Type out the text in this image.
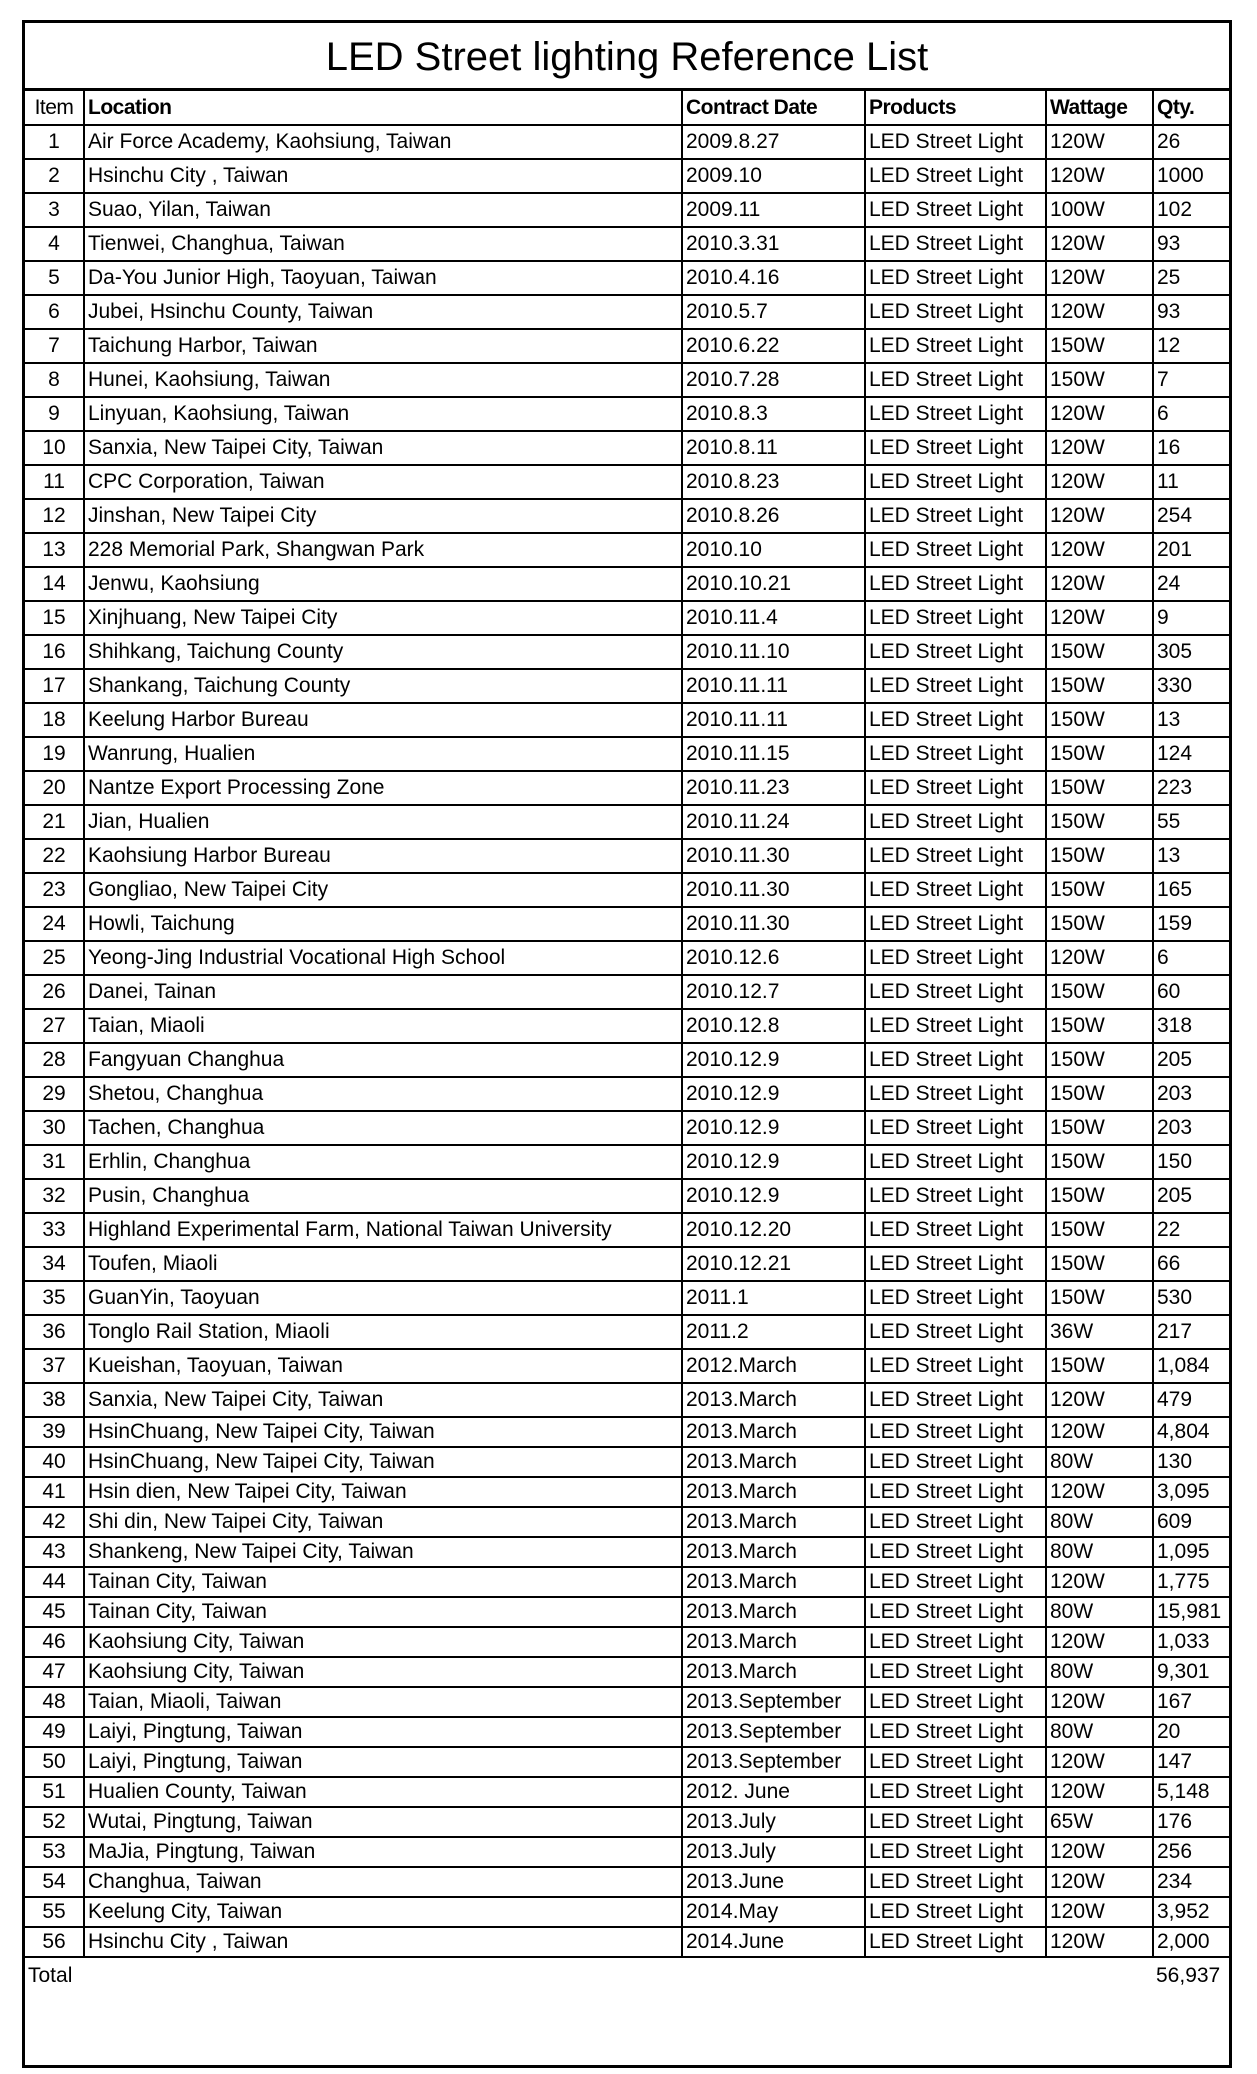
LED Street lighting Reference List
Item	Location	Contract Date	Products	Wattage	Qty.
1	Air Force Academy, Kaohsiung, Taiwan	2009.8.27	LED Street Light	120W	26
2	Hsinchu City , Taiwan	2009.10	LED Street Light	120W	1000
3	Suao, Yilan, Taiwan	2009.11	LED Street Light	100W	102
4	Tienwei, Changhua, Taiwan	2010.3.31	LED Street Light	120W	93
5	Da-You Junior High, Taoyuan, Taiwan	2010.4.16	LED Street Light	120W	25
6	Jubei, Hsinchu County, Taiwan	2010.5.7	LED Street Light	120W	93
7	Taichung Harbor, Taiwan	2010.6.22	LED Street Light	150W	12
8	Hunei, Kaohsiung, Taiwan	2010.7.28	LED Street Light	150W	7
9	Linyuan, Kaohsiung, Taiwan	2010.8.3	LED Street Light	120W	6
10	Sanxia, New Taipei City, Taiwan	2010.8.11	LED Street Light	120W	16
11	CPC Corporation, Taiwan	2010.8.23	LED Street Light	120W	11
12	Jinshan, New Taipei City	2010.8.26	LED Street Light	120W	254
13	228 Memorial Park, Shangwan Park	2010.10	LED Street Light	120W	201
14	Jenwu, Kaohsiung	2010.10.21	LED Street Light	120W	24
15	Xinjhuang, New Taipei City	2010.11.4	LED Street Light	120W	9
16	Shihkang, Taichung County	2010.11.10	LED Street Light	150W	305
17	Shankang, Taichung County	2010.11.11	LED Street Light	150W	330
18	Keelung Harbor Bureau	2010.11.11	LED Street Light	150W	13
19	Wanrung, Hualien	2010.11.15	LED Street Light	150W	124
20	Nantze Export Processing Zone	2010.11.23	LED Street Light	150W	223
21	Jian, Hualien	2010.11.24	LED Street Light	150W	55
22	Kaohsiung Harbor Bureau	2010.11.30	LED Street Light	150W	13
23	Gongliao, New Taipei City	2010.11.30	LED Street Light	150W	165
24	Howli, Taichung	2010.11.30	LED Street Light	150W	159
25	Yeong-Jing Industrial Vocational High School	2010.12.6	LED Street Light	120W	6
26	Danei, Tainan	2010.12.7	LED Street Light	150W	60
27	Taian, Miaoli	2010.12.8	LED Street Light	150W	318
28	Fangyuan Changhua	2010.12.9	LED Street Light	150W	205
29	Shetou, Changhua	2010.12.9	LED Street Light	150W	203
30	Tachen, Changhua	2010.12.9	LED Street Light	150W	203
31	Erhlin, Changhua	2010.12.9	LED Street Light	150W	150
32	Pusin, Changhua	2010.12.9	LED Street Light	150W	205
33	Highland Experimental Farm, National Taiwan University	2010.12.20	LED Street Light	150W	22
34	Toufen, Miaoli	2010.12.21	LED Street Light	150W	66
35	GuanYin, Taoyuan	2011.1	LED Street Light	150W	530
36	Tonglo Rail Station, Miaoli	2011.2	LED Street Light	36W	217
37	Kueishan, Taoyuan, Taiwan	2012.March	LED Street Light	150W	1,084
38	Sanxia, New Taipei City, Taiwan	2013.March	LED Street Light	120W	479
39	HsinChuang, New Taipei City, Taiwan	2013.March	LED Street Light	120W	4,804
40	HsinChuang, New Taipei City, Taiwan	2013.March	LED Street Light	80W	130
41	Hsin dien, New Taipei City, Taiwan	2013.March	LED Street Light	120W	3,095
42	Shi din, New Taipei City, Taiwan	2013.March	LED Street Light	80W	609
43	Shankeng, New Taipei City, Taiwan	2013.March	LED Street Light	80W	1,095
44	Tainan City, Taiwan	2013.March	LED Street Light	120W	1,775
45	Tainan City, Taiwan	2013.March	LED Street Light	80W	15,981
46	Kaohsiung City, Taiwan	2013.March	LED Street Light	120W	1,033
47	Kaohsiung City, Taiwan	2013.March	LED Street Light	80W	9,301
48	Taian, Miaoli, Taiwan	2013.September	LED Street Light	120W	167
49	Laiyi, Pingtung, Taiwan	2013.September	LED Street Light	80W	20
50	Laiyi, Pingtung, Taiwan	2013.September	LED Street Light	120W	147
51	Hualien County, Taiwan	2012. June	LED Street Light	120W	5,148
52	Wutai, Pingtung, Taiwan	2013.July	LED Street Light	65W	176
53	MaJia, Pingtung, Taiwan	2013.July	LED Street Light	120W	256
54	Changhua, Taiwan	2013.June	LED Street Light	120W	234
55	Keelung City, Taiwan	2014.May	LED Street Light	120W	3,952
56	Hsinchu City , Taiwan	2014.June	LED Street Light	120W	2,000
Total					56,937
